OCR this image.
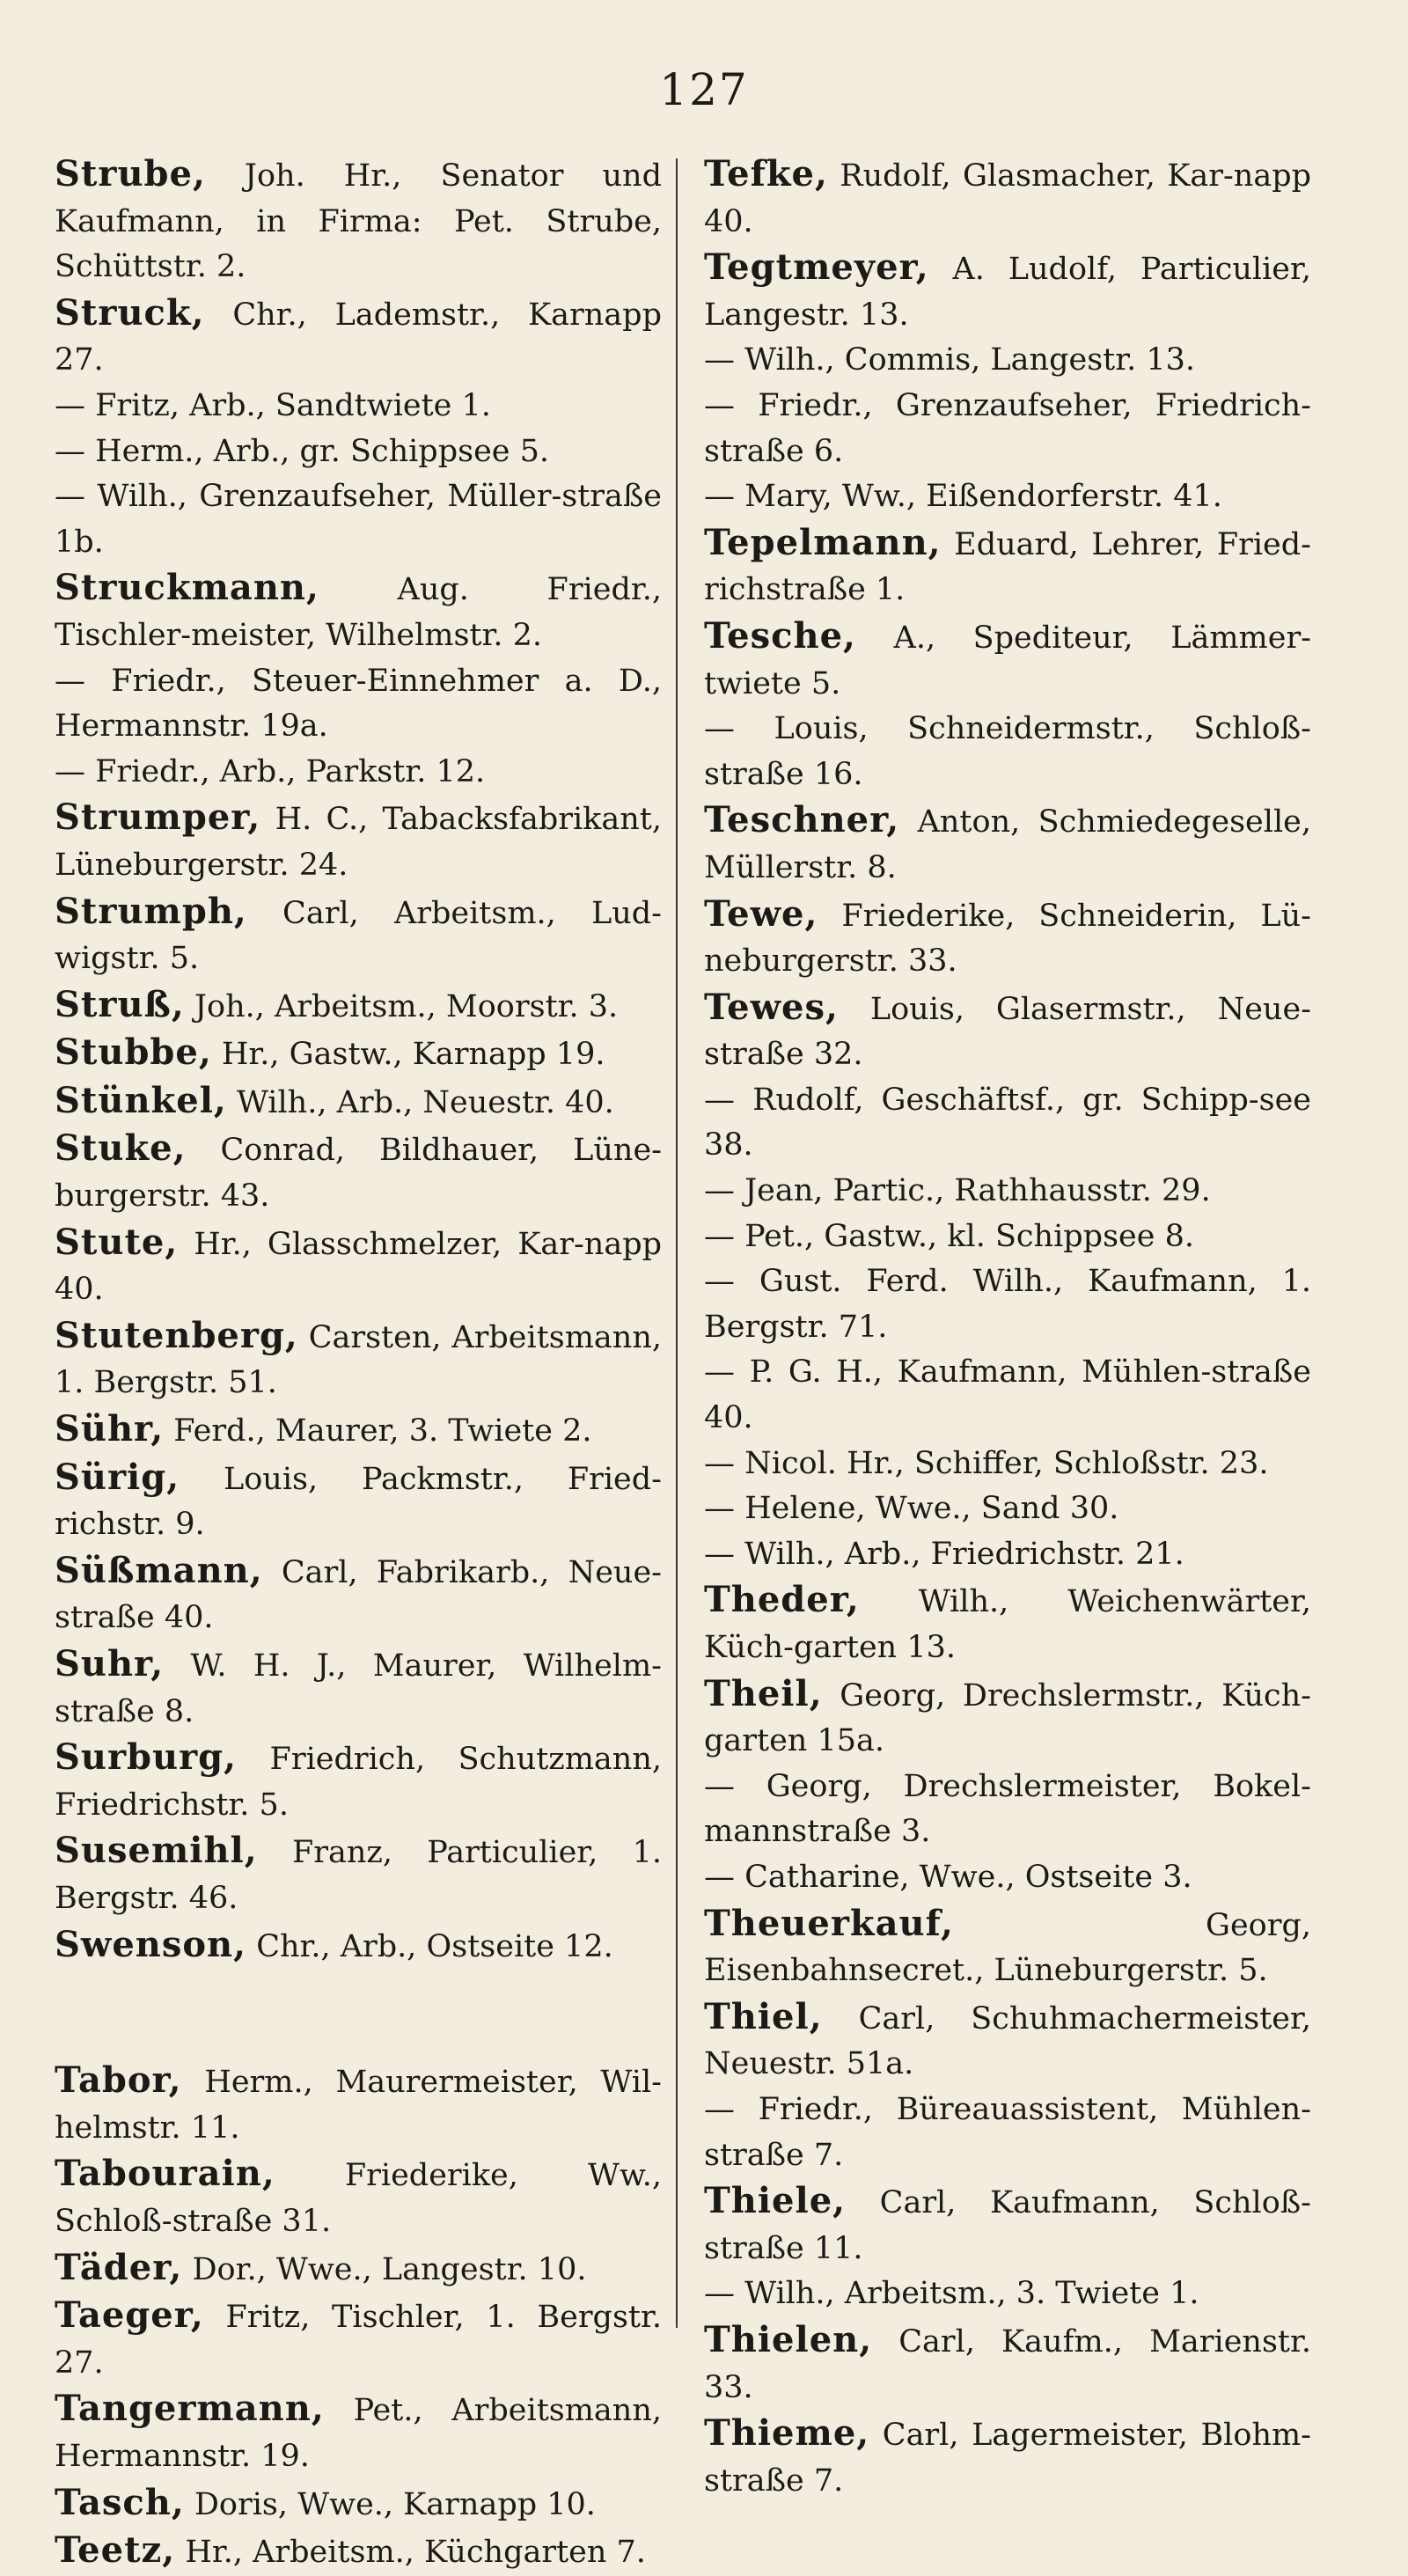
127
Strube, Joh. Hr., Senator und Kaufmann, in Firma: Pet. Strube, Schüttstr. 2.
Struck, Chr., Lademstr., Karnapp 27.
— Fritz, Arb., Sandtwiete 1.
— Herm., Arb., gr. Schippsee 5.
— Wilh., Grenzaufseher, Müller-straße 1b.
Struckmann, Aug. Friedr., Tischler-meister, Wilhelmstr. 2.
— Friedr., Steuer-Einnehmer a. D., Hermannstr. 19a.
— Friedr., Arb., Parkstr. 12.
Strumper, H. C., Tabacksfabrikant, Lüneburgerstr. 24.
Strumph, Carl, Arbeitsm., Lud-wigstr. 5.
Struß, Joh., Arbeitsm., Moorstr. 3.
Stubbe, Hr., Gastw., Karnapp 19.
Stünkel, Wilh., Arb., Neuestr. 40.
Stuke, Conrad, Bildhauer, Lüne-burgerstr. 43.
Stute, Hr., Glasschmelzer, Kar-napp 40.
Stutenberg, Carsten, Arbeitsmann, 1. Bergstr. 51.
Sühr, Ferd., Maurer, 3. Twiete 2.
Sürig, Louis, Packmstr., Fried-richstr. 9.
Süßmann, Carl, Fabrikarb., Neue-straße 40.
Suhr, W. H. J., Maurer, Wilhelm-straße 8.
Surburg, Friedrich, Schutzmann, Friedrichstr. 5.
Susemihl, Franz, Particulier, 1. Bergstr. 46.
Swenson, Chr., Arb., Ostseite 12.
Tabor, Herm., Maurermeister, Wil-helmstr. 11.
Tabourain, Friederike, Ww., Schloß-straße 31.
Täder, Dor., Wwe., Langestr. 10.
Taeger, Fritz, Tischler, 1. Bergstr. 27.
Tangermann, Pet., Arbeitsmann, Hermannstr. 19.
Tasch, Doris, Wwe., Karnapp 10.
Teetz, Hr., Arbeitsm., Küchgarten 7.
Tefke, Rudolf, Glasmacher, Kar-napp 40.
Tegtmeyer, A. Ludolf, Particulier, Langestr. 13.
— Wilh., Commis, Langestr. 13.
— Friedr., Grenzaufseher, Friedrich-straße 6.
— Mary, Ww., Eißendorferstr. 41.
Tepelmann, Eduard, Lehrer, Fried-richstraße 1.
Tesche, A., Spediteur, Lämmer-twiete 5.
— Louis, Schneidermstr., Schloß-straße 16.
Teschner, Anton, Schmiedegeselle, Müllerstr. 8.
Tewe, Friederike, Schneiderin, Lü-neburgerstr. 33.
Tewes, Louis, Glasermstr., Neue-straße 32.
— Rudolf, Geschäftsf., gr. Schipp-see 38.
— Jean, Partic., Rathhausstr. 29.
— Pet., Gastw., kl. Schippsee 8.
— Gust. Ferd. Wilh., Kaufmann, 1. Bergstr. 71.
— P. G. H., Kaufmann, Mühlen-straße 40.
— Nicol. Hr., Schiffer, Schloßstr. 23.
— Helene, Wwe., Sand 30.
— Wilh., Arb., Friedrichstr. 21.
Theder, Wilh., Weichenwärter, Küch-garten 13.
Theil, Georg, Drechslermstr., Küch-garten 15a.
— Georg, Drechslermeister, Bokel-mannstraße 3.
— Catharine, Wwe., Ostseite 3.
Theuerkauf, Georg, Eisenbahnsecret., Lüneburgerstr. 5.
Thiel, Carl, Schuhmachermeister, Neuestr. 51a.
— Friedr., Büreauassistent, Mühlen-straße 7.
Thiele, Carl, Kaufmann, Schloß-straße 11.
— Wilh., Arbeitsm., 3. Twiete 1.
Thielen, Carl, Kaufm., Marienstr. 33.
Thieme, Carl, Lagermeister, Blohm-straße 7.
